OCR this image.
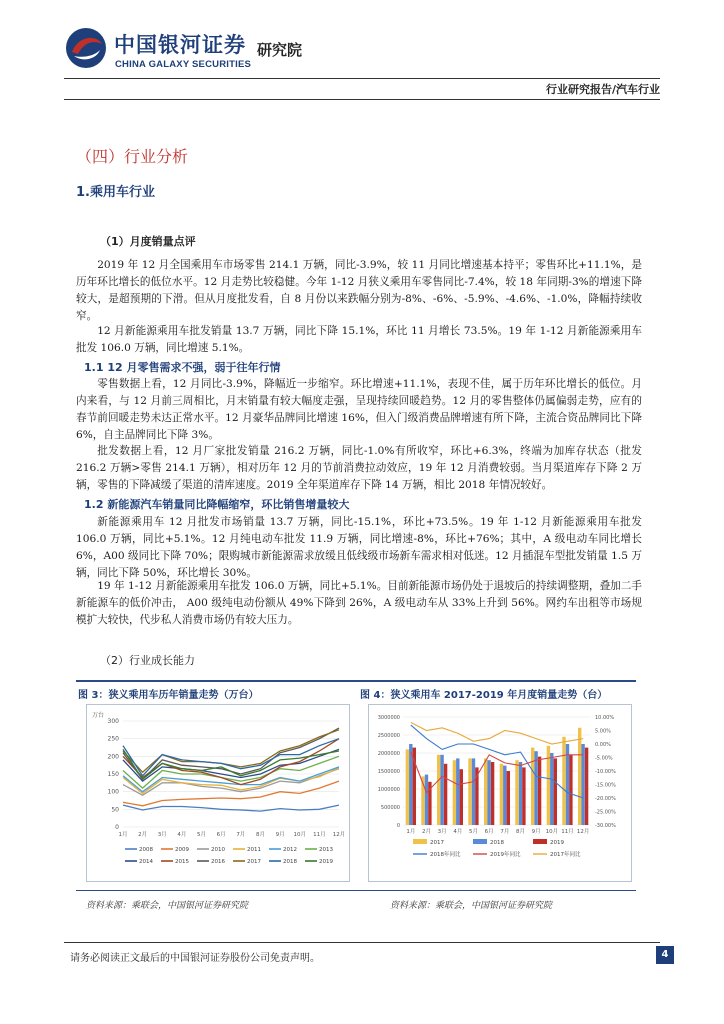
中国银河证券
CHINA GALAXY SECURITIES
研究院
行业研究报告/汽车行业
（四）行业分析
1.乘用车行业
（1）月度销量点评
2019 年 12 月全国乘用车市场零售 214.1 万辆，同比-3.9%，较 11 月同比增速基本持平；零售环比+11.1%，是历年环比增长的低位水平。12 月走势比较稳健。今年 1-12 月狭义乘用车零售同比-7.4%，较 18 年同期-3%的增速下降较大，是超预期的下滑。但从月度批发看，自 8 月份以来跌幅分别为-8%、-6%、-5.9%、-4.6%、-1.0%，降幅持续收窄。
12 月新能源乘用车批发销量 13.7 万辆，同比下降 15.1%，环比 11 月增长 73.5%。19 年 1-12 月新能源乘用车批发 106.0 万辆，同比增速 5.1%。
1.1 12 月零售需求不强，弱于往年行情
零售数据上看，12 月同比-3.9%，降幅近一步缩窄。环比增速+11.1%，表现不佳，属于历年环比增长的低位。月内来看，与 12 月前三周相比，月末销量有较大幅度走强，呈现持续回暖趋势。12 月的零售整体仍属偏弱走势，应有的春节前回暖走势未达正常水平。12 月豪华品牌同比增速 16%，但入门级消费品牌增速有所下降，主流合资品牌同比下降 6%，自主品牌同比下降 3%。
批发数据上看，12 月厂家批发销量 216.2 万辆，同比-1.0%有所收窄，环比+6.3%，终端为加库存状态（批发 216.2 万辆>零售 214.1 万辆），相对历年 12 月的节前消费拉动效应，19 年 12 月消费较弱。当月渠道库存下降 2 万辆，零售的下降减缓了渠道的清库速度。2019 全年渠道库存下降 14 万辆，相比 2018 年情况较好。
1.2 新能源汽车销量同比降幅缩窄，环比销售增量较大
新能源乘用车 12 月批发市场销量 13.7 万辆，同比-15.1%，环比+73.5%。19 年 1-12 月新能源乘用车批发 106.0 万辆，同比+5.1%。12 月纯电动车批发 11.9 万辆，同比增速-8%，环比+76%；其中，A 级电动车同比增长 6%，A00 级同比下降 70%；限购城市新能源需求放缓且低线级市场新车需求相对低迷。12 月插混车型批发销量 1.5 万辆，同比下降 50%，环比增长 30%。
19 年 1-12 月新能源乘用车批发 106.0 万辆，同比+5.1%。目前新能源市场仍处于退坡后的持续调整期，叠加二手新能源车的低价冲击， A00 级纯电动份额从 49%下降到 26%，A 级电动车从 33%上升到 56%。网约车出租等市场规模扩大较快，代步私人消费市场仍有较大压力。
（2）行业成长能力
图 3：狭义乘用车历年销量走势（万台）	图 4：狭义乘用车 2017-2019 年月度销量走势（台）
万台
0
50
100
150
200
250
300
1月 2月 3月 4月 5月 6月 7月 8月 9月 10月 11月 12月
2008	2009	2010	2011	2012	2013
2014	2015	2016	2017	2018	2019
0
500000
1000000
1500000
2000000
2500000
3000000
-30.00%
-25.00%
-20.00%
-15.00%
-10.00%
-5.00%
0.00%
5.00%
10.00%
1月 2月 3月 4月 5月 6月 7月 8月 9月 10月 11月 12月
2017	2018	2019
2018年同比	2019年同比	2017年同比
资料来源：乘联会，中国银河证券研究院	资料来源：乘联会，中国银河证券研究院
请务必阅读正文最后的中国银河证券股份公司免责声明。	4
